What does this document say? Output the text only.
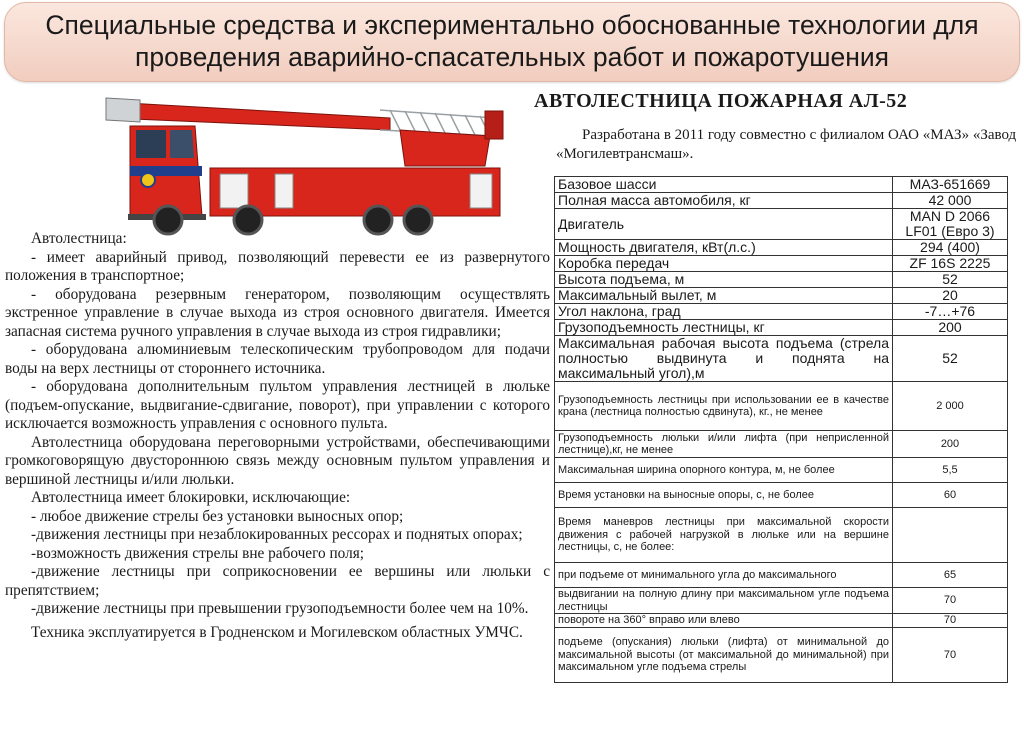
Специальные средства и экспериментально обоснованные технологии для
проведения аварийно-спасательных работ и пожаротушения
АВТОЛЕСТНИЦА ПОЖАРНАЯ АЛ-52

Разработана в 2011 году совместно с филиалом ОАО «МАЗ» «Завод «Могилевтрансмаш».

Автолестница:

- имеет аварийный привод, позволяющий перевести ее из развернутого положения в транспортное;

- оборудована резервным генератором, позволяющим осуществлять экстренное управление в случае выхода из строя основного двигателя. Имеется запасная система ручного управления в случае выхода из строя гидравлики;

- оборудована алюминиевым телескопическим трубопроводом для подачи воды на верх лестницы от стороннего источника.

- оборудована дополнительным пультом управления лестницей в люльке (подъем-опускание, выдвигание-сдвигание, поворот), при управлении с которого исключается возможность управления с основного пульта.

Автолестница оборудована переговорными устройствами, обеспечивающими громкоговорящую двустороннюю связь между основным пультом управления и вершиной лестницы и/или люльки.

Автолестница имеет блокировки, исключающие:

- любое движение стрелы без установки выносных опор;

-движения лестницы при незаблокированных рессорах и поднятых опорах;

-возможность движения стрелы вне рабочего поля;

-движение лестницы при соприкосновении ее вершины или люльки с препятствием;

-движение лестницы при превышении грузоподъемности более чем на 10%.

Техника эксплуатируется в Гродненском и Могилевском областных УМЧС.

Базовое шасси	МАЗ-651669
Полная масса автомобиля, кг	42 000
Двигатель	MAN D 2066 LF01 (Евро 3)
Мощность двигателя, кВт(л.с.)	294 (400)
Коробка передач	ZF 16S 2225
Высота подъема, м	52
Максимальный вылет, м	20
Угол наклона, град	-7…+76
Грузоподъемность лестницы, кг	200
Максимальная рабочая высота подъема (стрела полностью выдвинута и поднята на максимальный угол),м	52
Грузоподъемность лестницы при использовании ее в качестве крана (лестница полностью сдвинута), кг., не менее	2 000
Грузоподъемность люльки и/или лифта (при неприсленной лестнице),кг, не менее	200
Максимальная ширина опорного контура, м, не более	5,5
Время установки на выносные опоры, с, не более	60
Время маневров лестницы при максимальной скорости движения с рабочей нагрузкой в люльке или на вершине лестницы, с, не более:	
при подъеме от минимального угла до максимального	65
выдвигании на полную длину при максимальном угле подъема лестницы	70
повороте на 360° вправо или влево	70
подъеме (опускания) люльки (лифта) от минимальной до максимальной высоты (от максимальной до минимальной) при максимальном угле подъема стрелы	70
